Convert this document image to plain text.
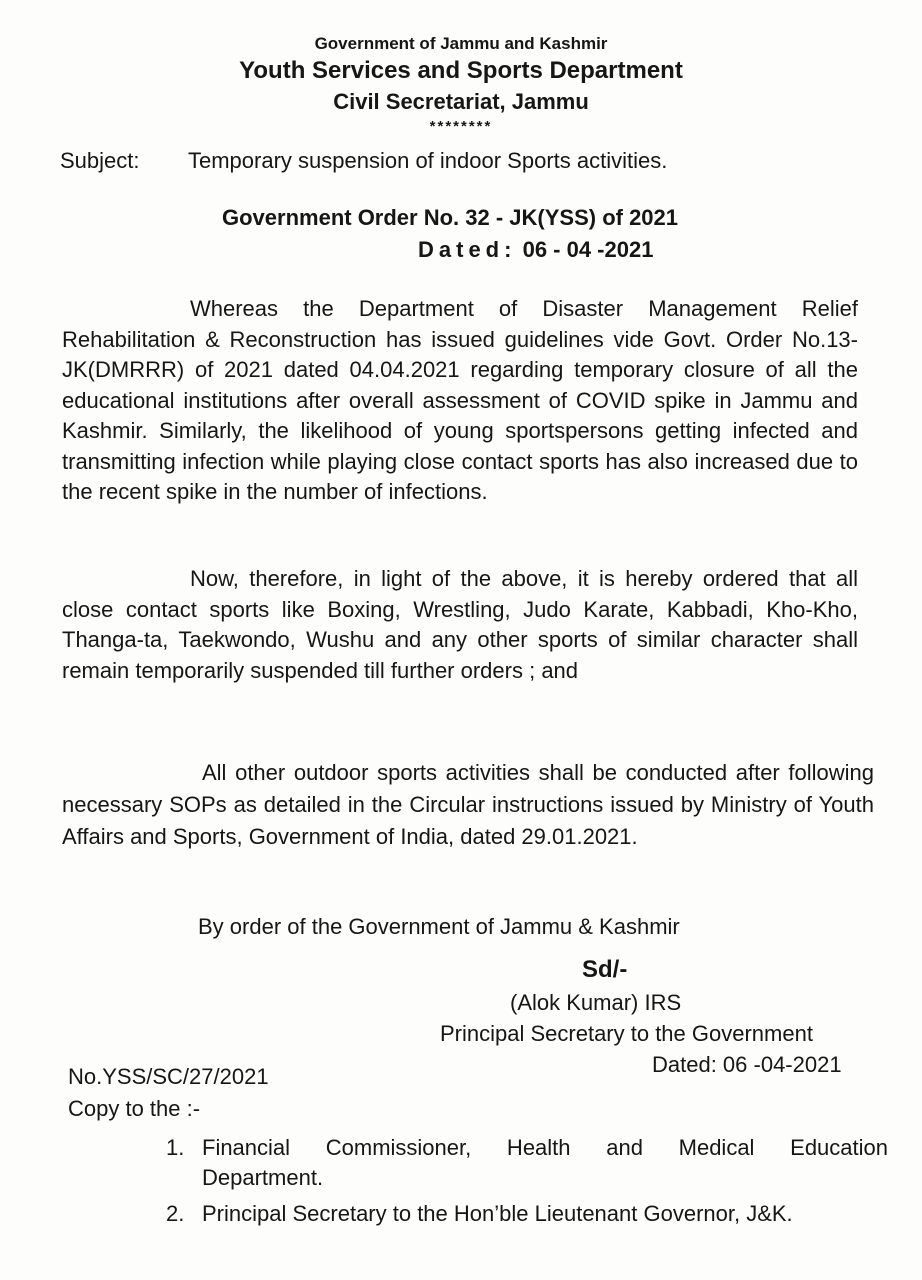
Government of Jammu and Kashmir
Youth Services and Sports Department
Civil Secretariat, Jammu
********
Subject: Temporary suspension of indoor Sports activities.
Government Order No. 32 - JK(YSS) of 2021
Dated: 06 - 04 -2021

Whereas the Department of Disaster Management Relief Rehabilitation & Reconstruction has issued guidelines vide Govt. Order No.13-JK(DMRRR) of 2021 dated 04.04.2021 regarding temporary closure of all the educational institutions after overall assessment of COVID spike in Jammu and Kashmir. Similarly, the likelihood of young sportspersons getting infected and transmitting infection while playing close contact sports has also increased due to the recent spike in the number of infections.

Now, therefore, in light of the above, it is hereby ordered that all close contact sports like Boxing, Wrestling, Judo Karate, Kabbadi, Kho-Kho, Thanga-ta, Taekwondo, Wushu and any other sports of similar character shall remain temporarily suspended till further orders ; and

All other outdoor sports activities shall be conducted after following necessary SOPs as detailed in the Circular instructions issued by Ministry of Youth Affairs and Sports, Government of India, dated 29.01.2021.

By order of the Government of Jammu & Kashmir
Sd/-
(Alok Kumar) IRS
Principal Secretary to the Government
Dated: 06 -04-2021
No.YSS/SC/27/2021
Copy to the :-
1. Financial Commissioner, Health and Medical Education
Department.
2. Principal Secretary to the Hon’ble Lieutenant Governor, J&K.
